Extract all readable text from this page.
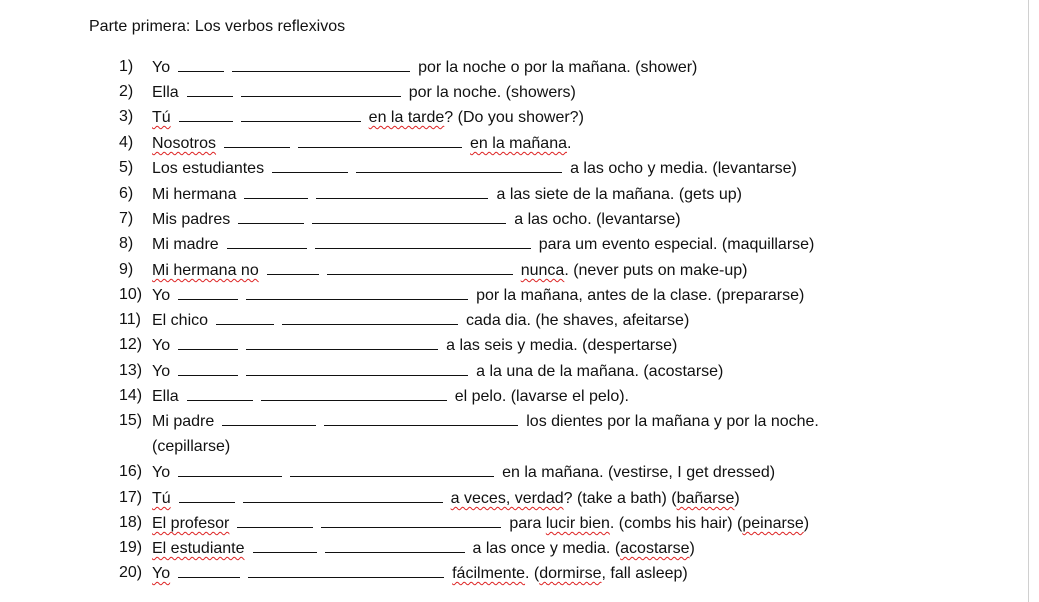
Parte primera: Los verbos reflexivos
1) Yo	por la noche o por la mañana. (shower)
2) Ella	por la noche. (showers)
3) Tú	en la tarde? (Do you shower?)
4) Nosotros	en la mañana.
5) Los estudiantes	a las ocho y media. (levantarse)
6) Mi hermana	a las siete de la mañana. (gets up)
7) Mis padres	a las ocho. (levantarse)
8) Mi madre	para um evento especial. (maquillarse)
9) Mi hermana no	nunca. (never puts on make-up)
10) Yo	por la mañana, antes de la clase. (prepararse)
11) El chico	cada dia. (he shaves, afeitarse)
12) Yo	a las seis y media. (despertarse)
13) Yo	a la una de la mañana. (acostarse)
14) Ella	el pelo. (lavarse el pelo).
15) Mi padre	los dientes por la mañana y por la noche.
(cepillarse)
16) Yo	en la mañana. (vestirse, I get dressed)
17) Tú	a veces, verdad? (take a bath) (bañarse)
18) El profesor	para lucir bien. (combs his hair) (peinarse)
19) El estudiante	a las once y media. (acostarse)
20) Yo	fácilmente. (dormirse, fall asleep)
